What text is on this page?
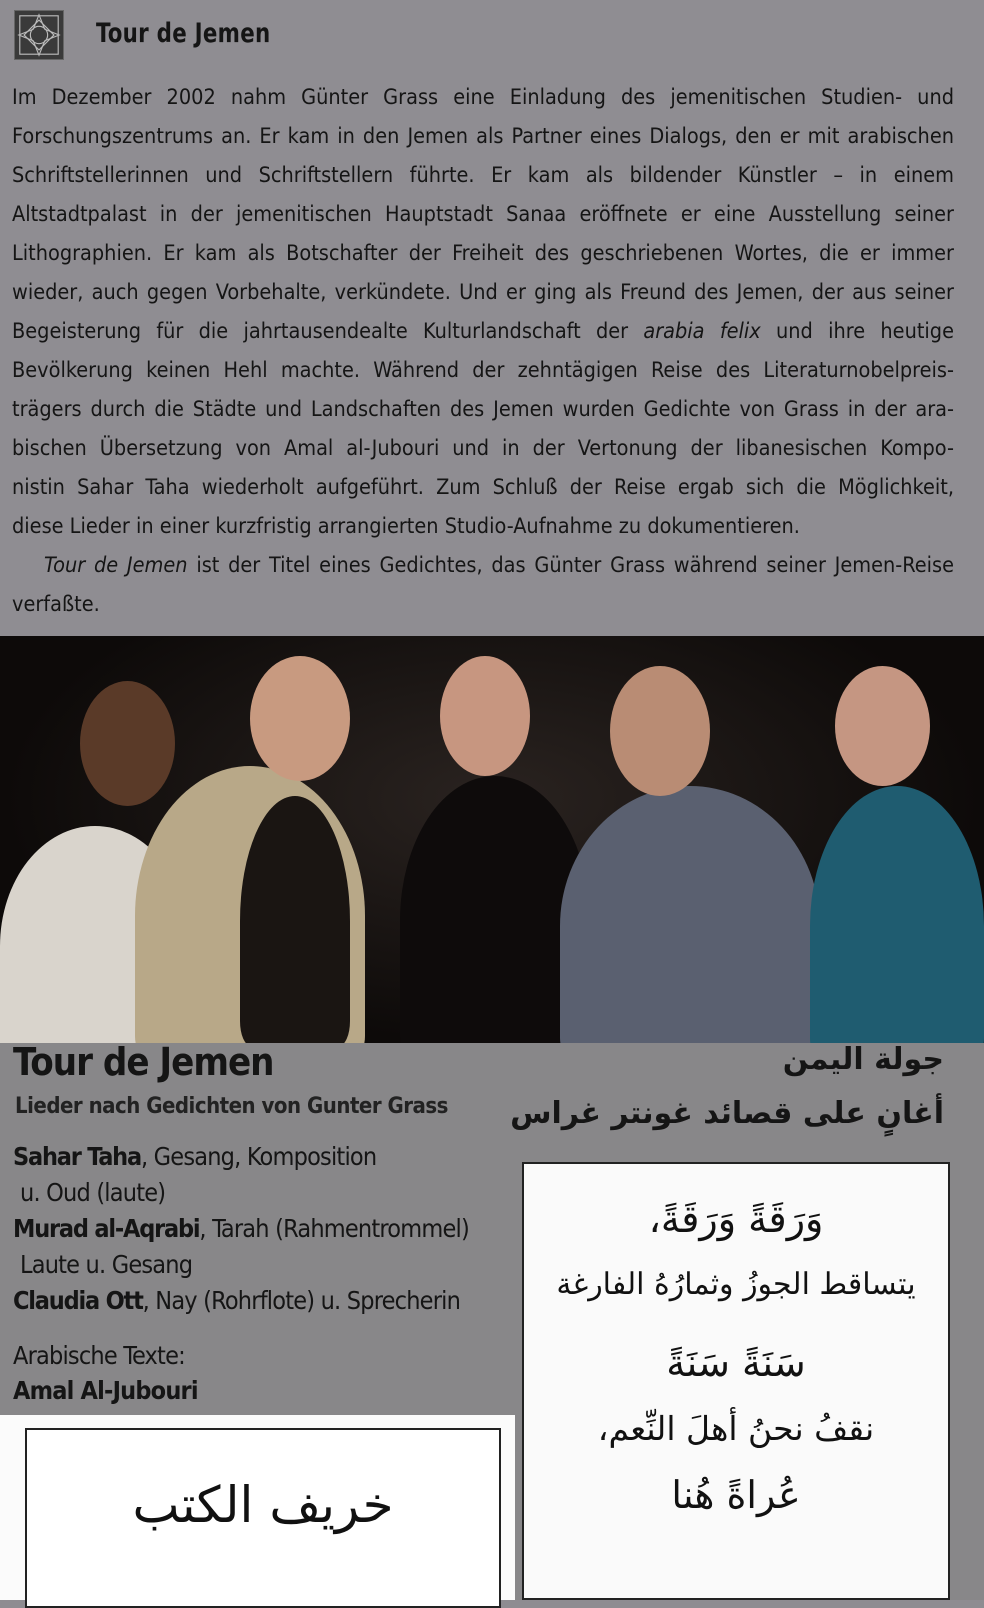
Tour de Jemen
Im Dezember 2002 nahm Günter Grass eine Einladung des jemenitischen Studien- und
Forschungszentrums an. Er kam in den Jemen als Partner eines Dialogs, den er mit arabischen
Schriftstellerinnen und Schriftstellern führte. Er kam als bildender Künstler – in einem
Altstadtpalast in der jemenitischen Hauptstadt Sanaa eröffnete er eine Ausstellung seiner
Lithographien. Er kam als Botschafter der Freiheit des geschriebenen Wortes, die er immer
wieder, auch gegen Vorbehalte, verkündete. Und er ging als Freund des Jemen, der aus seiner
Begeisterung für die jahrtausendealte Kulturlandschaft der arabia felix und ihre heutige
Bevölkerung keinen Hehl machte. Während der zehntägigen Reise des Literaturnobelpreis-
trägers durch die Städte und Landschaften des Jemen wurden Gedichte von Grass in der ara-
bischen Übersetzung von Amal al-Jubouri und in der Vertonung der libanesischen Kompo-
nistin Sahar Taha wiederholt aufgeführt. Zum Schluß der Reise ergab sich die Möglichkeit,
diese Lieder in einer kurzfristig arrangierten Studio-Aufnahme zu dokumentieren.
Tour de Jemen ist der Titel eines Gedichtes, das Günter Grass während seiner Jemen-Reise
verfaßte.
Tour de Jemen
Lieder nach Gedichten von Gunter Grass
جولة اليمن
أغانٍ على قصائد غونتر غراس
Sahar Taha, Gesang, Komposition
u. Oud (laute)
Murad al-Aqrabi, Tarah (Rahmentrommel)
Laute u. Gesang
Claudia Ott, Nay (Rohrflote) u. Sprecherin
Arabische Texte:
Amal Al-Jubouri
وَرَقَةً وَرَقَةً،
يتساقط الجوزُ وثمارُهُ الفارغة
سَنَةً سَنَةً
نقفُ نحنُ أهلَ النِّعم،
عُراةً هُنا
خريف الكتب
